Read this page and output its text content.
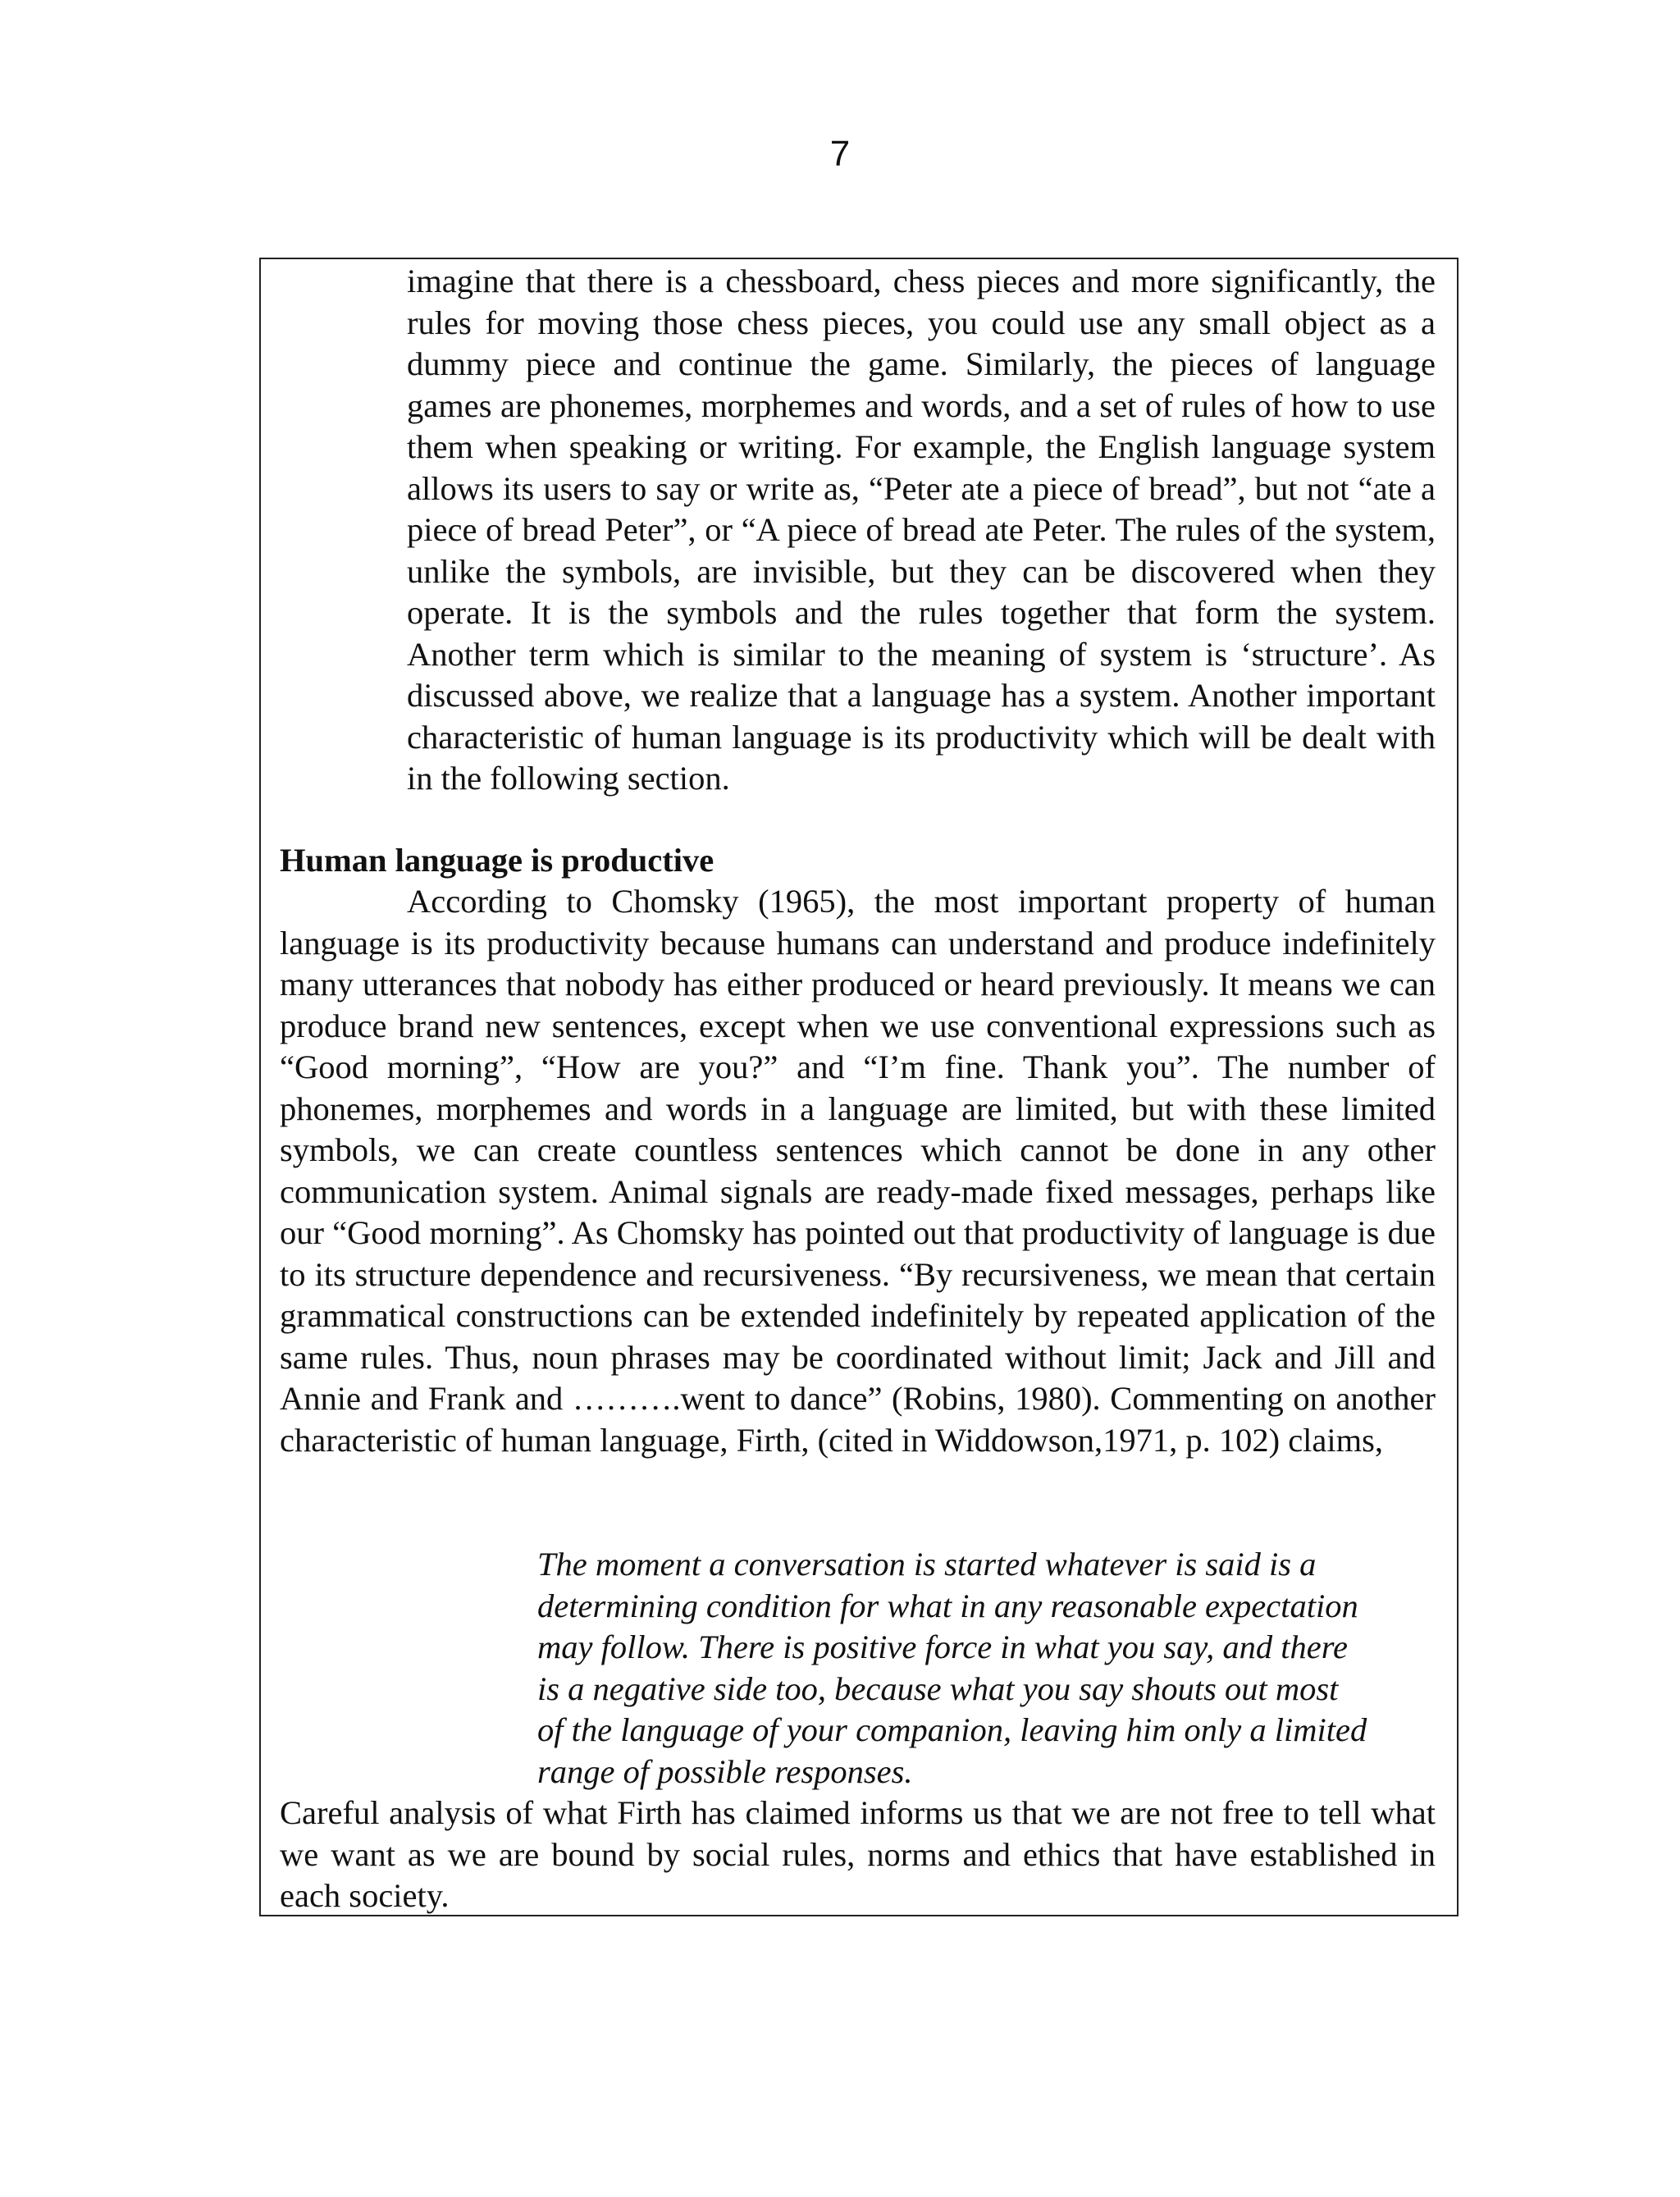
7
imagine that there is a chessboard, chess pieces and more significantly, the rules for moving those chess pieces, you could use any small object as a dummy piece and continue the game. Similarly, the pieces of language games are phonemes, morphemes and words, and a set of rules of how to use them when speaking or writing. For example, the English language system allows its users to say or write as, “Peter ate a piece of bread”, but not “ate a piece of bread Peter”, or “A piece of bread ate Peter. The rules of the system, unlike the symbols, are invisible, but they can be discovered when they operate. It is the symbols and the rules together that form the system. Another term which is similar to the meaning of system is ‘structure’. As discussed above, we realize that a language has a system. Another important characteristic of human language is its productivity which will be dealt with in the following section.
Human language is productive

According to Chomsky (1965), the most important property of human language is its productivity because humans can understand and produce indefinitely many utterances that nobody has either produced or heard previously. It means we can produce brand new sentences, except when we use conventional expressions such as “Good morning”, “How are you?” and “I’m fine. Thank you”. The number of phonemes, morphemes and words in a language are limited, but with these limited symbols, we can create countless sentences which cannot be done in any other communication system. Animal signals are ready-made fixed messages, perhaps like our “Good morning”. As Chomsky has pointed out that productivity of language is due to its structure dependence and recursiveness. “By recursiveness, we mean that certain grammatical constructions can be extended indefinitely by repeated application of the same rules. Thus, noun phrases may be coordinated without limit; Jack and Jill and Annie and Frank and ……….went to dance” (Robins, 1980). Commenting on another characteristic of human language, Firth, (cited in Widdowson,1971, p. 102) claims,

The moment a conversation is started whatever is said is a
determining condition for what in any reasonable expectation
may follow. There is positive force in what you say, and there
is a negative side too, because what you say shouts out most
of the language of your companion, leaving him only a limited
range of possible responses.
Careful analysis of what Firth has claimed informs us that we are not free to tell what we want as we are bound by social rules, norms and ethics that have established in each society.
